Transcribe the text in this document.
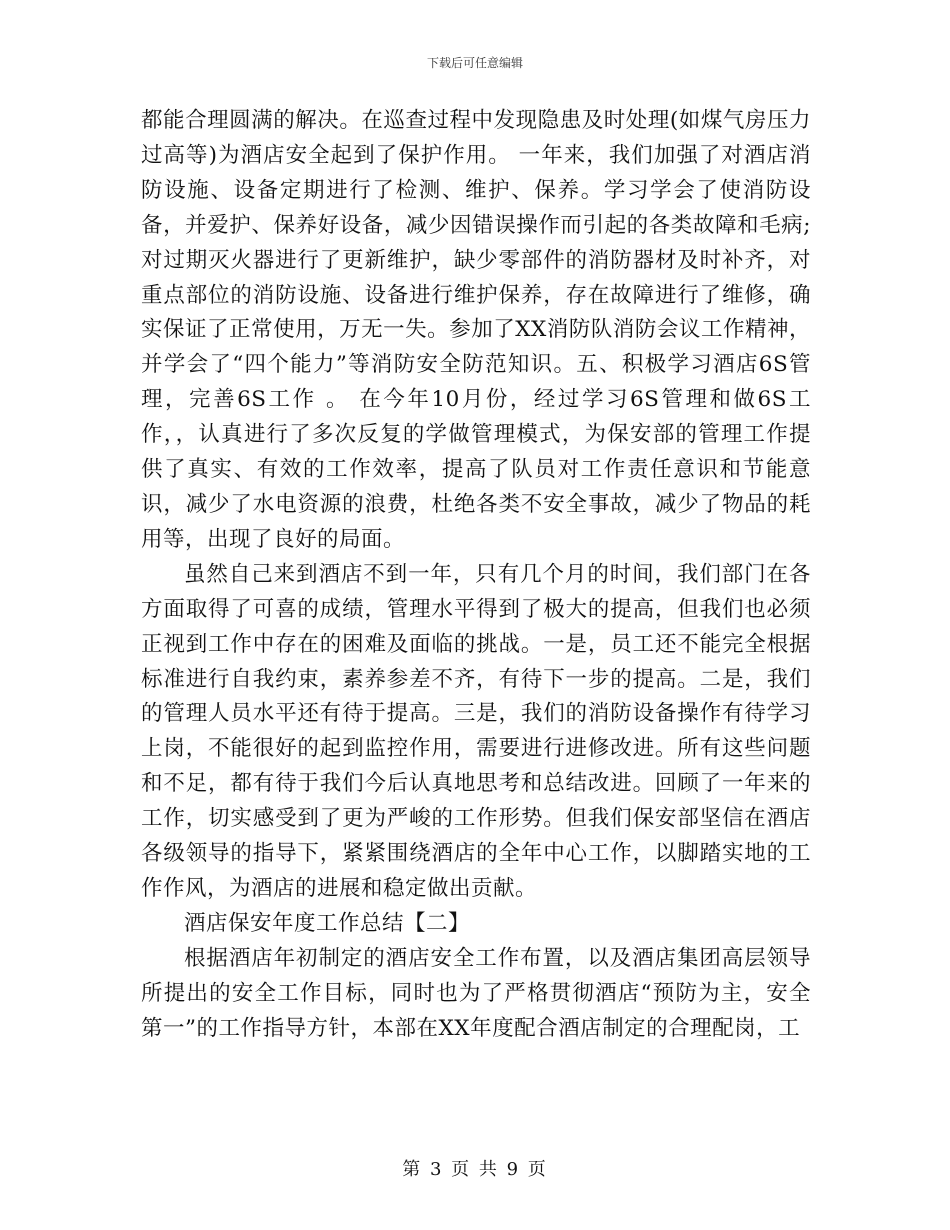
下载后可任意编辑

都能合理圆满的解决。在巡查过程中发现隐患及时处理(如煤气房压力过高等)为酒店安全起到了保护作用。 一年来，我们加强了对酒店消防设施、设备定期进行了检测、维护、保养。学习学会了使消防设备，并爱护、保养好设备，减少因错误操作而引起的各类故障和毛病;对过期灭火器进行了更新维护，缺少零部件的消防器材及时补齐，对重点部位的消防设施、设备进行维护保养，存在故障进行了维修，确实保证了正常使用，万无一失。参加了XX消防队消防会议工作精神，并学会了“四个能力”等消防安全防范知识。五、积极学习酒店6S管理，完善6S工作 。 在今年10月份，经过学习6S管理和做6S工作，，认真进行了多次反复的学做管理模式，为保安部的管理工作提供了真实、有效的工作效率，提高了队员对工作责任意识和节能意识，减少了水电资源的浪费，杜绝各类不安全事故，减少了物品的耗用等，出现了良好的局面。

虽然自己来到酒店不到一年，只有几个月的时间，我们部门在各方面取得了可喜的成绩，管理水平得到了极大的提高，但我们也必须正视到工作中存在的困难及面临的挑战。一是，员工还不能完全根据标准进行自我约束，素养参差不齐，有待下一步的提高。二是，我们的管理人员水平还有待于提高。三是，我们的消防设备操作有待学习上岗，不能很好的起到监控作用，需要进行进修改进。所有这些问题和不足，都有待于我们今后认真地思考和总结改进。回顾了一年来的工作，切实感受到了更为严峻的工作形势。但我们保安部坚信在酒店各级领导的指导下，紧紧围绕酒店的全年中心工作，以脚踏实地的工作作风，为酒店的进展和稳定做出贡献。

酒店保安年度工作总结【二】

根据酒店年初制定的酒店安全工作布置，以及酒店集团高层领导所提出的安全工作目标，同时也为了严格贯彻酒店“预防为主，安全第一”的工作指导方针，本部在XX年度配合酒店制定的合理配岗，工

第 3 页 共 9 页
